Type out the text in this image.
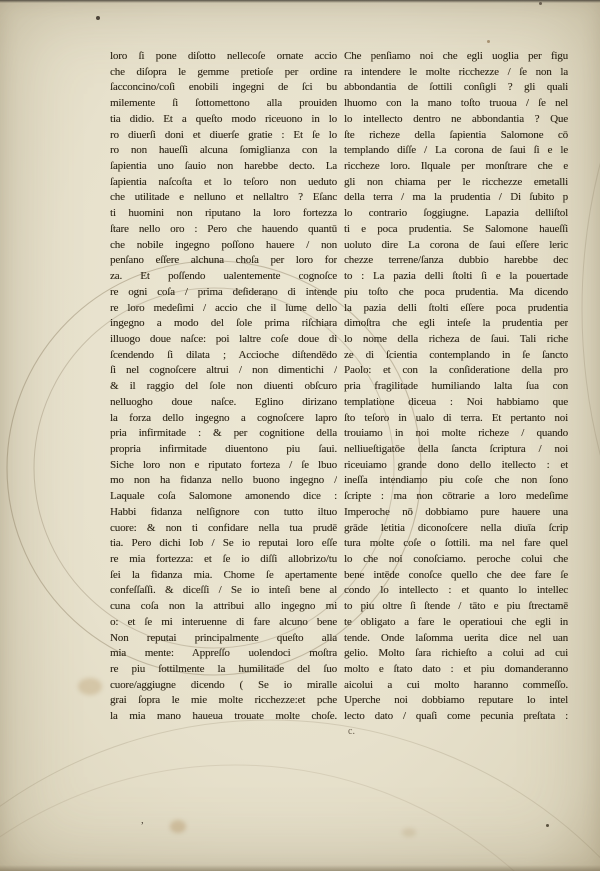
loro ſi pone diſotto nellecoſe ornate accio
che diſopra le gemme pretioſe per ordine
ſacconcino/coſi enobili ingegni de ſci bu
milemente ſi ſottomettono alla prouiden
tia didio. Et a queſto modo riceuono in lo
ro diuerſi doni et diuerſe gratie : Et ſe lo
ro non haueſſi alcuna ſomiglianza con la
ſapientia uno ſauio non harebbe decto. La
ſapientia naſcoſta et lo teſoro non ueduto
che utilitade e nelluno et nellaltro ? Eſanc
ti huomini non riputano la loro fortezza
ſtare nello oro : Pero che hauendo quantū
che nobile ingegno poſſono hauere / non
penſano eſſere alchuna choſa per loro for
za. Et poſſendo ualentemente cognoſce
re ogni coſa / prima deſiderano di intende
re loro medeſimi / accio che il lume dello
ingegno a modo del ſole prima riſchiara
illuogo doue naſce: poi laltre coſe doue di
ſcendendo ſi dilata ; Accioche diſtendēdo
ſi nel cognoſcere altrui / non dimentichi /
& il raggio del ſole non diuenti obſcuro
nelluogho doue naſce. Eglino dirizano
la forza dello ingegno a cognoſcere lapro
pria infirmitade : & per cognitione della
propria infirmitade diuentono piu ſaui.
Siche loro non e riputato forteza / ſe lbuo
mo non ha fidanza nello buono ingegno /
Laquale coſa Salomone amonendo dice :
Habbi fidanza nelſignore con tutto iltuo
cuore: & non ti confidare nella tua prudē
tia. Pero dichi Iob / Se io reputai loro eſſe
re mia fortezza: et ſe io diſſi allobrizo/tu
ſei la fidanza mia. Chome ſe apertamente
confeſſaſſi. & diceſſi / Se io inteſi bene al
cuna coſa non la attribui allo ingegno mi
o: et ſe mi interuenne di fare alcuno bene
Non reputai principalmente queſto alla
mia mente: Appreſſo uolendoci moſtra
re piu ſottilmente la humilitade del ſuo
cuore/aggiugne dicendo ( Se io miralle
grai ſopra le mie molte ricchezze:et pche
la mia mano haueua trouate molte choſe.
Che penſiamo noi che egli uoglia per figu
ra intendere le molte ricchezze / ſe non la
abbondantia de ſottili conſigli ? gli quali
lhuomo con la mano toſto truoua / ſe nel
lo intellecto dentro ne abbondantia ? Que
ſte richeze della ſapientia Salomone cō
templando diſſe / La corona de ſaui ſi e le
riccheze loro. Ilquale per monſtrare che e
gli non chiama per le ricchezze emetalli
della terra / ma la prudentia / Di ſubito p
lo contrario ſoggiugne. Lapazia delliſtol
ti e poca prudentia. Se Salomone haueſſi
uoluto dire La corona de ſaui eſſere leric
chezze terrene/ſanza dubbio harebbe dec
to : La pazia delli ſtolti ſi e la pouertade
piu toſto che poca prudentia. Ma dicendo
la pazia delli ſtolti eſſere poca prudentia
dimoſtra che egli inteſe la prudentia per
lo nome della richeza de ſaui. Tali riche
ze di ſcientia contemplando in ſe ſancto
Paolo: et con la conſideratione della pro
pria fragilitade humiliando lalta ſua con
templatione diceua : Noi habbiamo que
ſto teſoro in ualo di terra. Et pertanto noi
trouiamo in noi molte richeze / quando
nelliueſtigatōe della ſancta ſcriptura / noi
riceuiamo grande dono dello itellecto : et
ineſſa intendiamo piu coſe che non ſono
ſcripte : ma non cōtrarie a loro medeſime
Imperoche nō dobbiamo pure hauere una
grāde letitia diconoſcere nella diuīa ſcrip
tura molte coſe o ſottili. ma nel fare quel
lo che noi conoſciamo. peroche colui che
bene intēde conoſce quello che dee fare ſe
condo lo intellecto : et quanto lo intellec
to piu oltre ſi ſtende / tāto e piu ſtrectamē
te obligato a fare le operatioui che egli in
tende. Onde laſomma uerita dice nel uan
gelio. Molto ſara richieſto a colui ad cui
molto e ſtato dato : et piu domanderanno
aicolui a cui molto haranno commeſſo.
Uperche noi dobbiamo reputare lo intel
lecto dato / quaſi come pecunia preſtata :
c.
,
